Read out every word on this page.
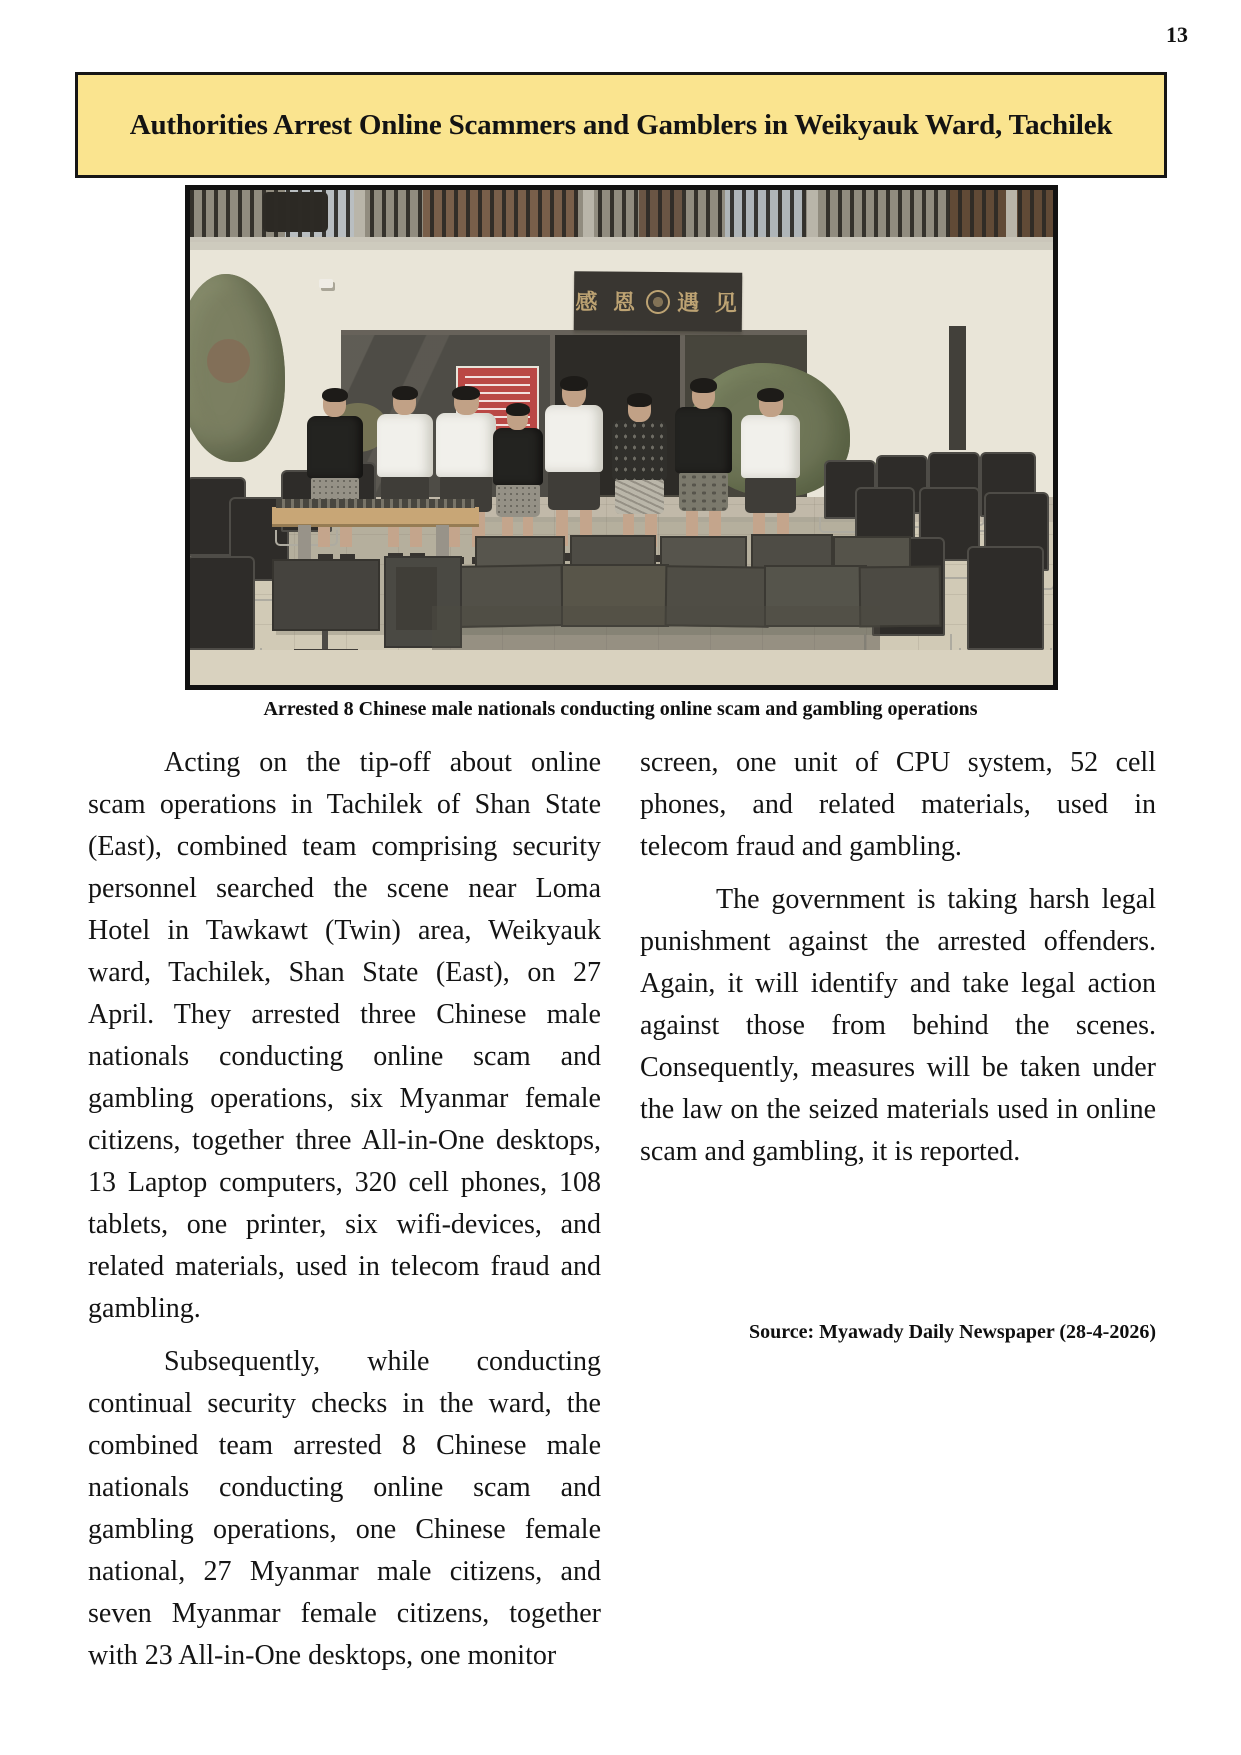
13
Authorities Arrest Online Scammers and Gamblers in Weikyauk Ward, Tachilek
感 恩 遇 见
Arrested 8 Chinese male nationals conducting online scam and gambling operations

Acting on the tip-off about online scam operations in Tachilek of Shan State (East), combined team comprising security personnel searched the scene near Loma Hotel in Tawkawt (Twin) area, Weikyauk ward, Tachilek, Shan State (East), on 27 April. They arrested three Chinese male nationals conducting online scam and gambling operations, six Myanmar female citizens, together three All-in-One desktops, 13 Laptop computers, 320 cell phones, 108 tablets, one printer, six wifi-devices, and related materials, used in telecom fraud and gambling.

Subsequently, while conducting continual security checks in the ward, the combined team arrested 8 Chinese male nationals conducting online scam and gambling operations, one Chinese female national, 27 Myanmar male citizens, and seven Myanmar female citizens, together with 23 All-in-One desktops, one monitor

screen, one unit of CPU system, 52 cell phones, and related materials, used in telecom fraud and gambling.

The government is taking harsh legal punishment against the arrested offenders. Again, it will identify and take legal action against those from behind the scenes. Consequently, measures will be taken under the law on the seized materials used in online scam and gambling, it is reported.

Source: Myawady Daily Newspaper (28-4-2026)
